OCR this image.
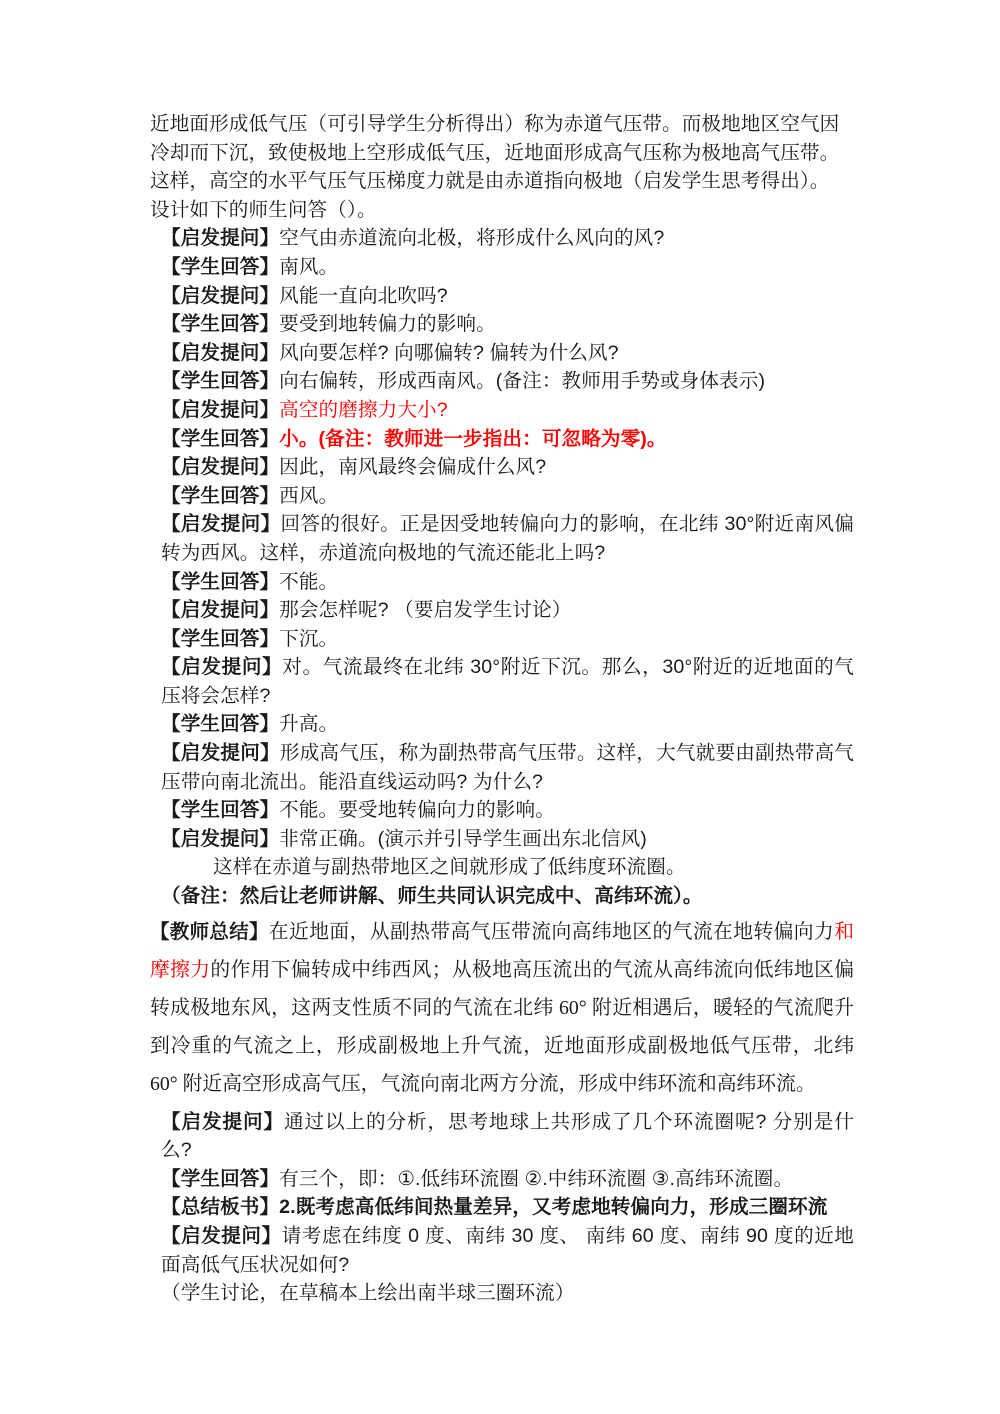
近地面形成低气压（可引导学生分析得出）称为赤道气压带。而极地地区空气因
冷却而下沉，致使极地上空形成低气压，近地面形成高气压称为极地高气压带。
这样，高空的水平气压气压梯度力就是由赤道指向极地（启发学生思考得出）。
设计如下的师生问答（）。
【启发提问】空气由赤道流向北极，将形成什么风向的风?
【学生回答】南风。
【启发提问】风能一直向北吹吗?
【学生回答】要受到地转偏力的影响。
【启发提问】风向要怎样? 向哪偏转? 偏转为什么风?
【学生回答】向右偏转，形成西南风。(备注：教师用手势或身体表示)
【启发提问】高空的磨擦力大小?
【学生回答】小。(备注：教师进一步指出：可忽略为零)。
【启发提问】因此，南风最终会偏成什么风?
【学生回答】西风。
【启发提问】回答的很好。正是因受地转偏向力的影响，在北纬 30°附近南风偏转为西风。这样，赤道流向极地的气流还能北上吗?
【学生回答】不能。
【启发提问】那会怎样呢? （要启发学生讨论）
【学生回答】下沉。
【启发提问】对。气流最终在北纬 30°附近下沉。那么，30°附近的近地面的气压将会怎样?
【学生回答】升高。
【启发提问】形成高气压，称为副热带高气压带。这样，大气就要由副热带高气压带向南北流出。能沿直线运动吗? 为什么?
【学生回答】不能。要受地转偏向力的影响。
【启发提问】非常正确。(演示并引导学生画出东北信风)
这样在赤道与副热带地区之间就形成了低纬度环流圈。
（备注：然后让老师讲解、师生共同认识完成中、高纬环流）。
【教师总结】在近地面，从副热带高气压带流向高纬地区的气流在地转偏向力和摩擦力的作用下偏转成中纬西风；从极地高压流出的气流从高纬流向低纬地区偏转成极地东风，这两支性质不同的气流在北纬 60° 附近相遇后，暖轻的气流爬升到冷重的气流之上，形成副极地上升气流，近地面形成副极地低气压带，北纬 60° 附近高空形成高气压，气流向南北两方分流，形成中纬环流和高纬环流。
【启发提问】通过以上的分析，思考地球上共形成了几个环流圈呢? 分别是什么?
【学生回答】有三个，即：①.低纬环流圈 ②.中纬环流圈 ③.高纬环流圈。
【总结板书】2.既考虑高低纬间热量差异，又考虑地转偏向力，形成三圈环流
【启发提问】请考虑在纬度 0 度、南纬 30 度、 南纬 60 度、南纬 90 度的近地面高低气压状况如何?
（学生讨论，在草稿本上绘出南半球三圈环流）
